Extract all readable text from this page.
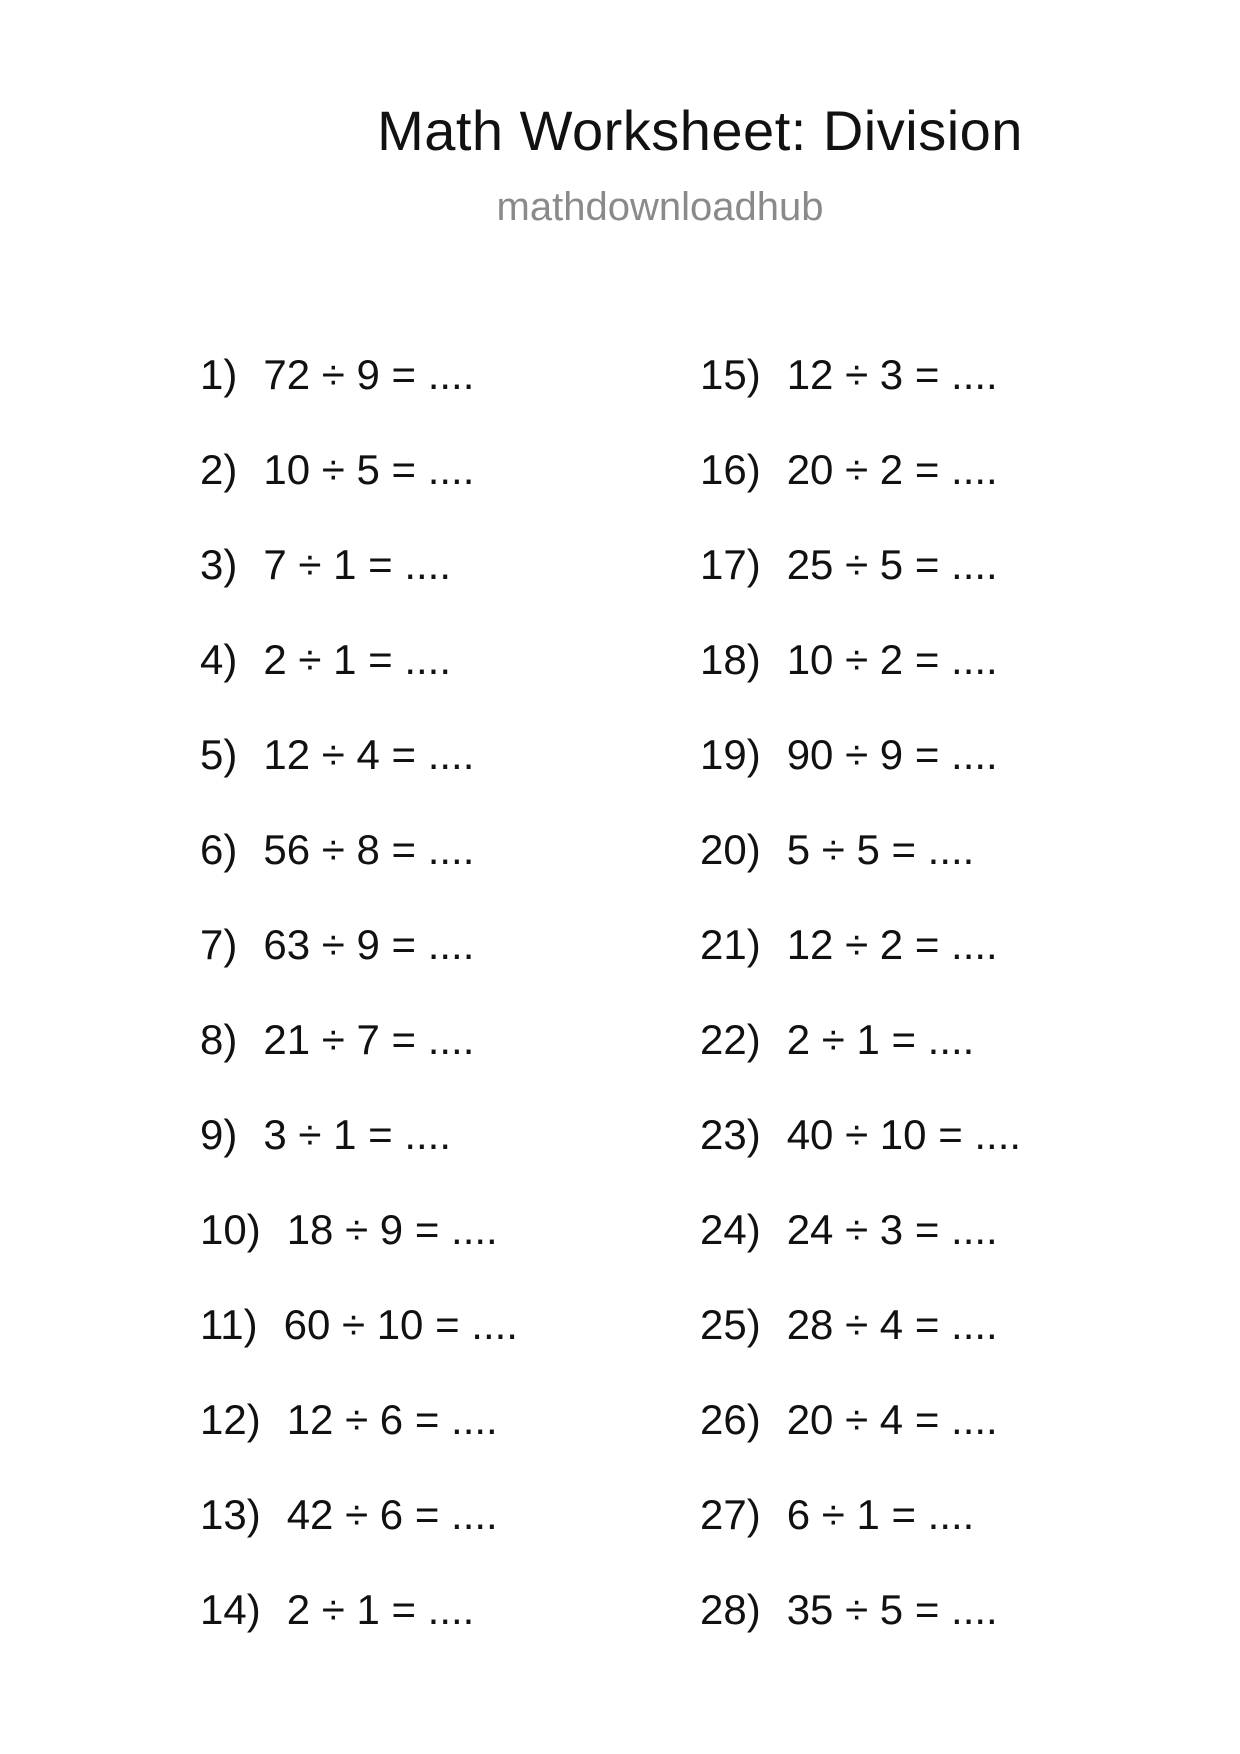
Math Worksheet: Division
mathdownloadhub
1) 72 ÷ 9 = ....
2) 10 ÷ 5 = ....
3) 7 ÷ 1 = ....
4) 2 ÷ 1 = ....
5) 12 ÷ 4 = ....
6) 56 ÷ 8 = ....
7) 63 ÷ 9 = ....
8) 21 ÷ 7 = ....
9) 3 ÷ 1 = ....
10) 18 ÷ 9 = ....
11) 60 ÷ 10 = ....
12) 12 ÷ 6 = ....
13) 42 ÷ 6 = ....
14) 2 ÷ 1 = ....
15) 12 ÷ 3 = ....
16) 20 ÷ 2 = ....
17) 25 ÷ 5 = ....
18) 10 ÷ 2 = ....
19) 90 ÷ 9 = ....
20) 5 ÷ 5 = ....
21) 12 ÷ 2 = ....
22) 2 ÷ 1 = ....
23) 40 ÷ 10 = ....
24) 24 ÷ 3 = ....
25) 28 ÷ 4 = ....
26) 20 ÷ 4 = ....
27) 6 ÷ 1 = ....
28) 35 ÷ 5 = ....
